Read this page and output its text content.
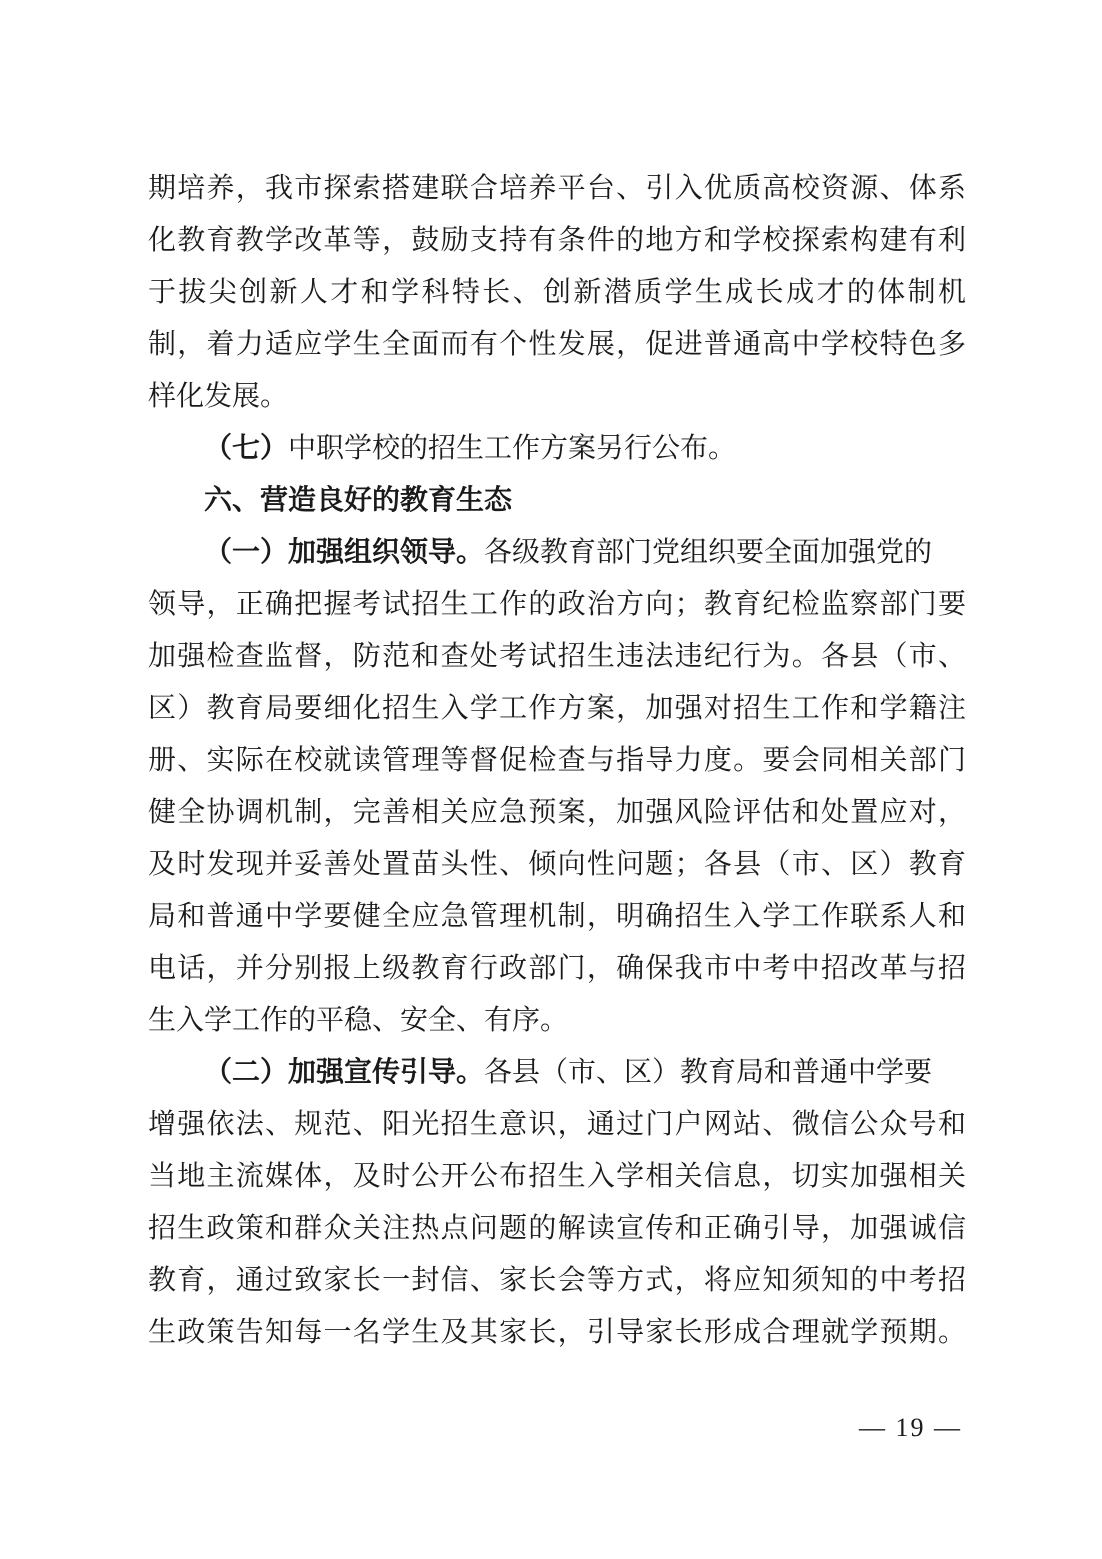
期培养，我市探索搭建联合培养平台、引入优质高校资源、体系
化教育教学改革等，鼓励支持有条件的地方和学校探索构建有利
于拔尖创新人才和学科特长、创新潜质学生成长成才的体制机
制，着力适应学生全面而有个性发展，促进普通高中学校特色多
样化发展。
（七） 中职学校的招生工作方案另行公布。
六、营造良好的教育生态
（一）加强组织领导。 各级教育部门党组织要全面加强党的
领导，正确把握考试招生工作的政治方向；教育纪检监察部门要
加强检查监督，防范和查处考试招生违法违纪行为。各县（市、
区）教育局要细化招生入学工作方案，加强对招生工作和学籍注
册、实际在校就读管理等督促检查与指导力度。要会同相关部门
健全协调机制，完善相关应急预案，加强风险评估和处置应对，
及时发现并妥善处置苗头性、倾向性问题；各县（市、区）教育
局和普通中学要健全应急管理机制，明确招生入学工作联系人和
电话，并分别报上级教育行政部门，确保我市中考中招改革与招
生入学工作的平稳、安全、有序。
（二）加强宣传引导。 各县（市、区）教育局和普通中学要
增强依法、规范、阳光招生意识，通过门户网站、微信公众号和
当地主流媒体，及时公开公布招生入学相关信息，切实加强相关
招生政策和群众关注热点问题的解读宣传和正确引导，加强诚信
教育，通过致家长一封信、家长会等方式，将应知须知的中考招
生政策告知每一名学生及其家长，引导家长形成合理就学预期。
— 19 —
